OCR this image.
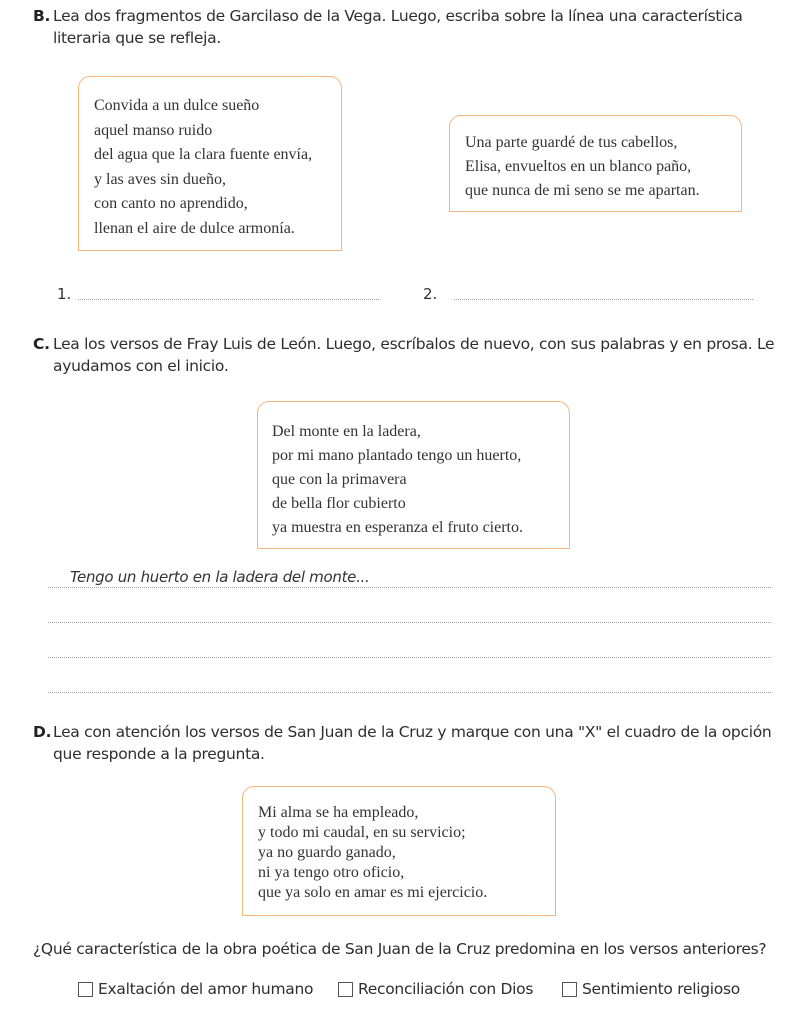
B. Lea dos fragmentos de Garcilaso de la Vega. Luego, escriba sobre la línea una característica literaria que se refleja.
Convida a un dulce sueño
aquel manso ruido
del agua que la clara fuente envía,
y las aves sin dueño,
con canto no aprendido,
llenan el aire de dulce armonía.
Una parte guardé de tus cabellos,
Elisa, envueltos en un blanco paño,
que nunca de mi seno se me apartan.
1.	2.
C. Lea los versos de Fray Luis de León. Luego, escríbalos de nuevo, con sus palabras y en prosa. Le ayudamos con el inicio.
Del monte en la ladera,
por mi mano plantado tengo un huerto,
que con la primavera
de bella flor cubierto
ya muestra en esperanza el fruto cierto.
Tengo un huerto en la ladera del monte...
D. Lea con atención los versos de San Juan de la Cruz y marque con una "X" el cuadro de la opción que responde a la pregunta.
Mi alma se ha empleado,
y todo mi caudal, en su servicio;
ya no guardo ganado,
ni ya tengo otro oficio,
que ya solo en amar es mi ejercicio.
¿Qué característica de la obra poética de San Juan de la Cruz predomina en los versos anteriores?
Exaltación del amor humano	Reconciliación con Dios	Sentimiento religioso
